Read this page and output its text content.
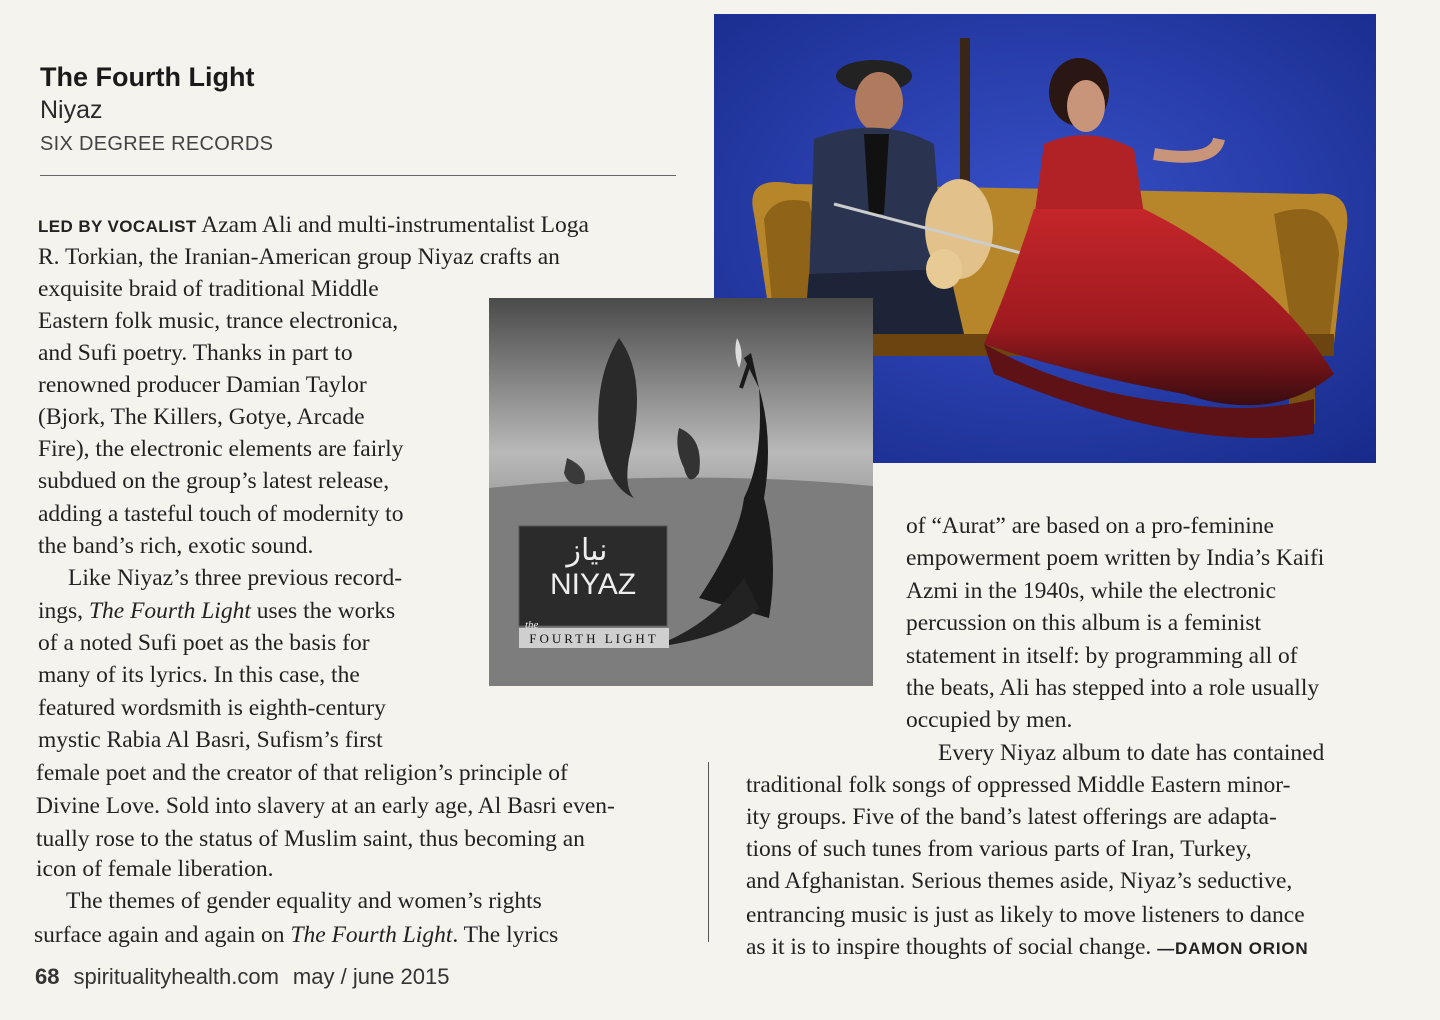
The Fourth Light
Niyaz
SIX DEGREE RECORDS
LED BY VOCALIST Azam Ali and multi-instrumentalist Loga
R. Torkian, the Iranian-American group Niyaz crafts an
exquisite braid of traditional Middle
Eastern folk music, trance electronica,
and Sufi poetry. Thanks in part to
renowned producer Damian Taylor
(Bjork, The Killers, Gotye, Arcade
Fire), the electronic elements are fairly
subdued on the group’s latest release,
adding a tasteful touch of modernity to
the band’s rich, exotic sound.
Like Niyaz’s three previous record-
ings, The Fourth Light uses the works
of a noted Sufi poet as the basis for
many of its lyrics. In this case, the
featured wordsmith is eighth-century
mystic Rabia Al Basri, Sufism’s first
female poet and the creator of that religion’s principle of
Divine Love. Sold into slavery at an early age, Al Basri even-
tually rose to the status of Muslim saint, thus becoming an
icon of female liberation.
The themes of gender equality and women’s rights
surface again and again on The Fourth Light. The lyrics
of “Aurat” are based on a pro-feminine
empowerment poem written by India’s Kaifi
Azmi in the 1940s, while the electronic
percussion on this album is a feminist
statement in itself: by programming all of
the beats, Ali has stepped into a role usually
occupied by men.
Every Niyaz album to date has contained
traditional folk songs of oppressed Middle Eastern minor-
ity groups. Five of the band’s latest offerings are adapta-
tions of such tunes from various parts of Iran, Turkey,
and Afghanistan. Serious themes aside, Niyaz’s seductive,
entrancing music is just as likely to move listeners to dance
as it is to inspire thoughts of social change. —DAMON ORION
NIYAZ
نیاز
the
FOURTH LIGHT
68 spiritualityhealth.com may / june 2015
